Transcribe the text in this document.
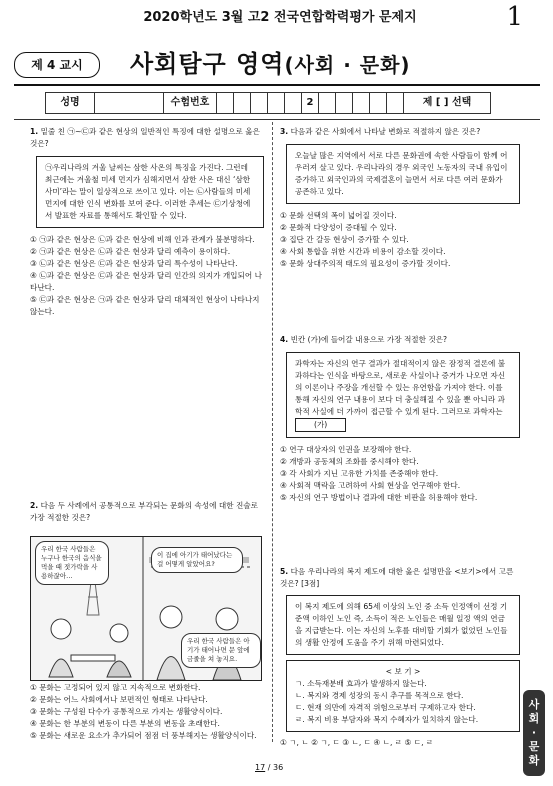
2020학년도 3월 고2 전국연합학력평가 문제지	1
제 4 교시	사회탐구 영역(사회 · 문화)
성명	수험번호	2	제 [ ] 선택
1. 밑줄 친 ㉠~㉢과 같은 현상의 일반적인 특징에 대한 설명으로 옳은 것은?
㉠우리나라의 겨울 날씨는 삼한 사온의 특징을 가진다. 그런데 최근에는 겨울철 미세 먼지가 심해지면서 삼한 사온 대신 ‘삼한사미’라는 말이 일상적으로 쓰이고 있다. 이는 ㉡사람들의 미세 먼지에 대한 인식 변화를 보여 준다. 이러한 추세는 ㉢기상청에서 발표한 자료를 통해서도 확인할 수 있다.
① ㉠과 같은 현상은 ㉡과 같은 현상에 비해 인과 관계가 불분명하다.
② ㉠과 같은 현상은 ㉡과 같은 현상과 달리 예측이 용이하다.
③ ㉡과 같은 현상은 ㉢과 같은 현상과 달리 특수성이 나타난다.
④ ㉡과 같은 현상은 ㉢과 같은 현상과 달리 인간의 의지가 개입되어 나타난다.
⑤ ㉢과 같은 현상은 ㉠과 같은 현상과 달리 대체적인 현상이 나타나지 않는다.
2. 다음 두 사례에서 공통적으로 부각되는 문화의 속성에 대한 진술로 가장 적절한 것은?
우리 한국 사람들은 누구나 한국의 음식을 먹을 때 젓가락을 사용하잖아…
이 집에 아기가 태어났다는 걸 어떻게 알았어요?
우리 한국 사람들은 아기가 태어나면 문 앞에 금줄을 쳐 놓지요.
① 문화는 고정되어 있지 않고 지속적으로 변화한다.
② 문화는 어느 사회에서나 보편적인 형태로 나타난다.
③ 문화는 구성원 다수가 공통적으로 가지는 생활양식이다.
④ 문화는 한 부분의 변동이 다른 부분의 변동을 초래한다.
⑤ 문화는 새로운 요소가 추가되어 점점 더 풍부해지는 생활양식이다.
3. 다음과 같은 사회에서 나타날 변화로 적절하지 않은 것은?
오늘날 많은 지역에서 서로 다른 문화권에 속한 사람들이 함께 어우러져 살고 있다. 우리나라의 경우 외국인 노동자의 국내 유입이 증가하고 외국인과의 국제결혼이 늘면서 서로 다른 여러 문화가 공존하고 있다.
① 문화 선택의 폭이 넓어질 것이다.
② 문화적 다양성이 증대될 수 있다.
③ 집단 간 갈등 현상이 증가할 수 있다.
④ 사회 통합을 위한 시간과 비용이 감소할 것이다.
⑤ 문화 상대주의적 태도의 필요성이 증가할 것이다.
4. 빈칸 (가)에 들어갈 내용으로 가장 적절한 것은?
과학자는 자신의 연구 결과가 절대적이지 않은 잠정적 결론에 불과하다는 인식을 바탕으로, 새로운 사실이나 증거가 나오면 자신의 이론이나 주장을 개선할 수 있는 유연함을 가져야 한다. 이를 통해 자신의 연구 내용이 보다 더 충실해질 수 있을 뿐 아니라 과학적 사실에 더 가까이 접근할 수 있게 된다. 그러므로 과학자는 (가)
① 연구 대상자의 인권을 보장해야 한다.
② 개방과 공동체의 조화를 중시해야 한다.
③ 각 사회가 지닌 고유한 가치를 존중해야 한다.
④ 사회적 맥락을 고려하여 사회 현상을 연구해야 한다.
⑤ 자신의 연구 방법이나 결과에 대한 비판을 허용해야 한다.
5. 다음 우리나라의 복지 제도에 대한 옳은 설명만을 <보기>에서 고른 것은? [3점]
이 복지 제도에 의해 65세 이상의 노인 중 소득 인정액이 선정 기준액 이하인 노인 즉, 소득이 적은 노인들은 매월 일정 액의 연금을 지급받는다. 이는 자신의 노후를 대비할 기회가 없었던 노인들의 생활 안정에 도움을 주기 위해 마련되었다.
< 보 기 >
ㄱ. 소득재분배 효과가 발생하지 않는다.
ㄴ. 복지와 경제 성장의 동시 추구를 목적으로 한다.
ㄷ. 현재 의만에 자격적 위험으로부터 구제하고자 한다.
ㄹ. 복지 비용 부담자와 복지 수혜자가 일치하지 않는다.
① ㄱ, ㄴ ② ㄱ, ㄷ ③ ㄴ, ㄷ ④ ㄴ, ㄹ ⑤ ㄷ, ㄹ
17 / 36
사
회
·
문
화
